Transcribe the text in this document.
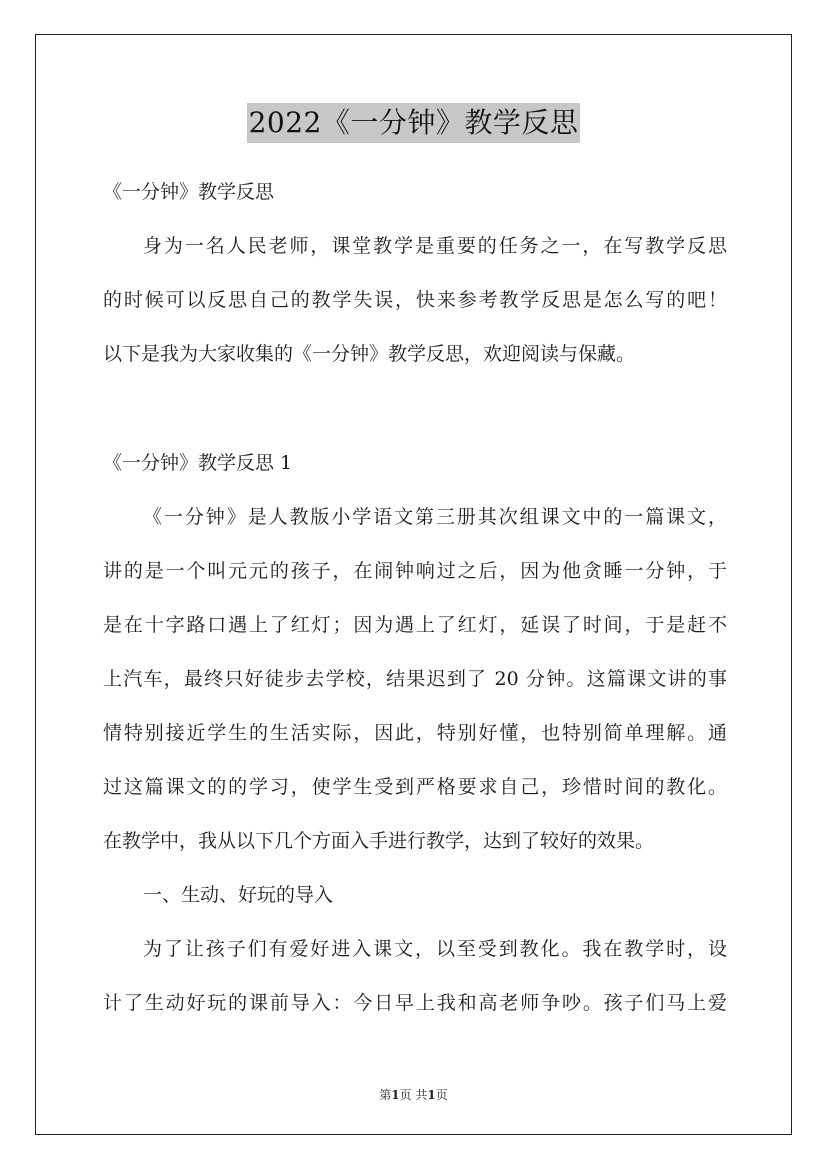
2022《一分钟》教学反思
《一分钟》教学反思
身为一名人民老师，课堂教学是重要的任务之一，在写教学反思
的时候可以反思自己的教学失误，快来参考教学反思是怎么写的吧！
以下是我为大家收集的《一分钟》教学反思，欢迎阅读与保藏。
《一分钟》教学反思 1
《一分钟》是人教版小学语文第三册其次组课文中的一篇课文，
讲的是一个叫元元的孩子，在闹钟响过之后，因为他贪睡一分钟，于
是在十字路口遇上了红灯；因为遇上了红灯，延误了时间，于是赶不
上汽车，最终只好徒步去学校，结果迟到了 20 分钟。这篇课文讲的事
情特别接近学生的生活实际，因此，特别好懂，也特别简单理解。通
过这篇课文的的学习，使学生受到严格要求自己，珍惜时间的教化。
在教学中，我从以下几个方面入手进行教学，达到了较好的效果。
一、生动、好玩的导入
为了让孩子们有爱好进入课文，以至受到教化。我在教学时，设
计了生动好玩的课前导入：今日早上我和高老师争吵。孩子们马上爱
第1页 共1页
